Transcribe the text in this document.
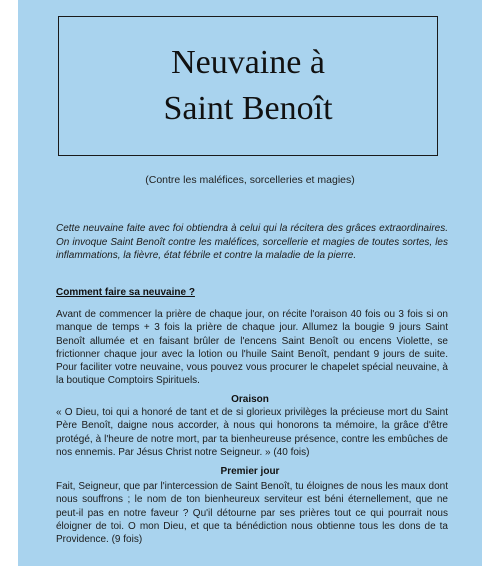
Neuvaine à
Saint Benoît
(Contre les maléfices, sorcelleries et magies)
Cette neuvaine faite avec foi obtiendra à celui qui la récitera des grâces extraordinaires. On invoque Saint Benoît contre les maléfices, sorcellerie et magies de toutes sortes, les inflammations, la fièvre, état fébrile et contre la maladie de la pierre.
Comment faire sa neuvaine ?
Avant de commencer la prière de chaque jour, on récite l'oraison 40 fois ou 3 fois si on manque de temps + 3 fois la prière de chaque jour. Allumez la bougie 9 jours Saint Benoît allumée et en faisant brûler de l'encens Saint Benoît ou encens Violette, se frictionner chaque jour avec la lotion ou l'huile Saint Benoît, pendant 9 jours de suite. Pour faciliter votre neuvaine, vous pouvez vous procurer le chapelet spécial neuvaine, à la boutique Comptoirs Spirituels.
Oraison
« O Dieu, toi qui a honoré de tant et de si glorieux privilèges la précieuse mort du Saint Père Benoît, daigne nous accorder, à nous qui honorons ta mémoire, la grâce d'être protégé, à l'heure de notre mort, par ta bienheureuse présence, contre les embûches de nos ennemis. Par Jésus Christ notre Seigneur. » (40 fois)
Premier jour
Fait, Seigneur, que par l'intercession de Saint Benoît, tu éloignes de nous les maux dont nous souffrons ; le nom de ton bienheureux serviteur est béni éternellement, que ne peut-il pas en notre faveur ? Qu'il détourne par ses prières tout ce qui pourrait nous éloigner de toi. O mon Dieu, et que ta bénédiction nous obtienne tous les dons de ta Providence. (9 fois)
